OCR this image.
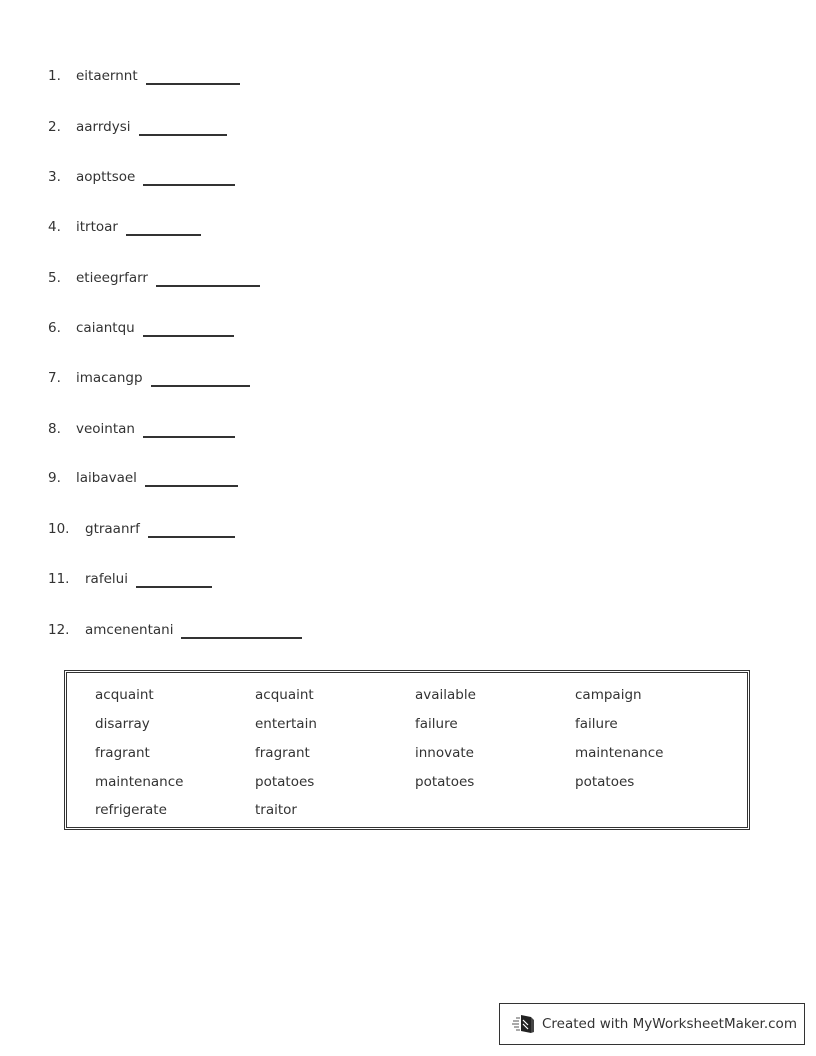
1. eitaernnt
2. aarrdysi
3. aopttsoe
4. itrtoar
5. etieegrfarr
6. caiantqu
7. imacangp
8. veointan
9. laibavael
10. gtraanrf
11. rafelui
12. amcenentani
acquaint	acquaint	available	campaign
disarray	entertain	failure	failure
fragrant	fragrant	innovate	maintenance
maintenance	potatoes	potatoes	potatoes
refrigerate	traitor
Created with MyWorksheetMaker.com
